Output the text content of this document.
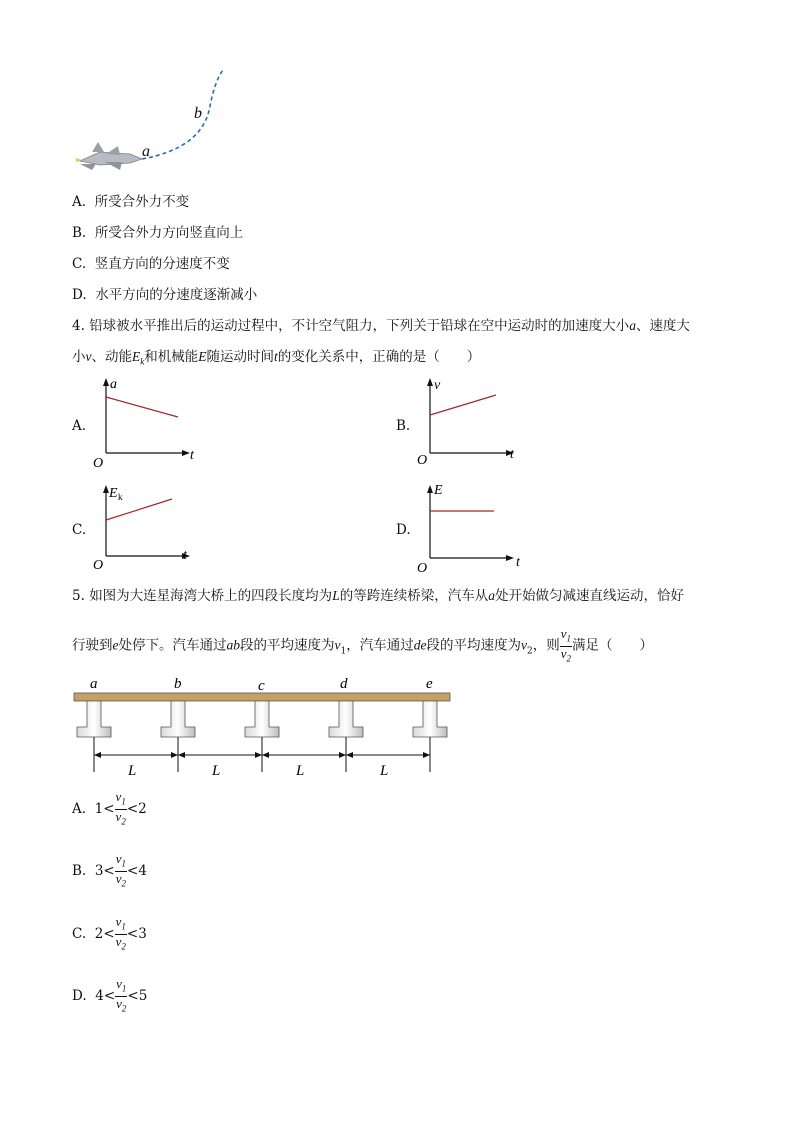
a
b
A. 所受合外力不变
B. 所受合外力方向竖直向上
C. 竖直方向的分速度不变
D. 水平方向的分速度逐渐减小
4. 铅球被水平推出后的运动过程中，不计空气阻力，下列关于铅球在空中运动时的加速度大小a、速度大
小v、动能$E_k$和机械能E随运动时间t的变化关系中，正确的是（　　）
A.
a
t
O
B.
v
t
O
C.
E k
t
O
D.
E
t
O
5. 如图为大连星海湾大桥上的四段长度均为L的等跨连续桥梁，汽车从a处开始做匀减速直线运动，恰好
行驶到e处停下。汽车通过ab段的平均速度为$v_1$，汽车通过de段的平均速度为$v_2$，则 $\frac{v_1}{v_2}$ 满足（　　）
a	b	c	d	e
L	L	L	L
A. $1< \frac{v_1}{v_2} <2$
B. $3< \frac{v_1}{v_2} <4$
C. $2< \frac{v_1}{v_2} <3$
D. $4< \frac{v_1}{v_2} <5$
